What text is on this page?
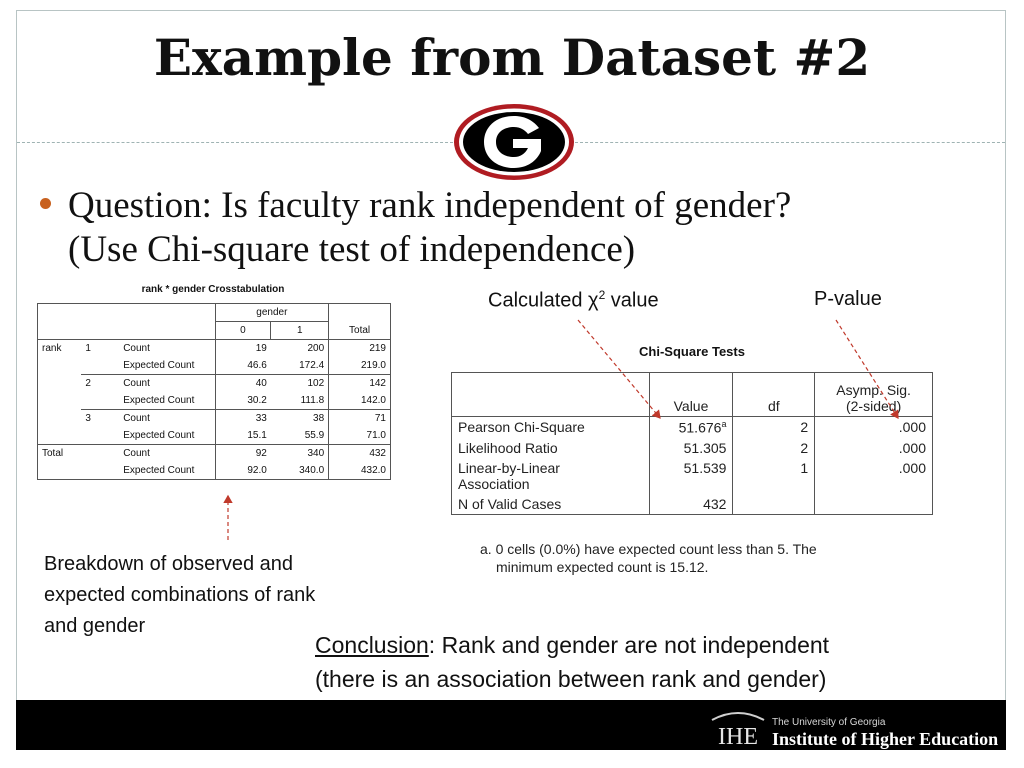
Example from Dataset #2
Question: Is faculty rank independent of gender?
(Use Chi-square test of independence)
rank * gender Crosstabulation
			gender		
			0	1	Total
rank	1	Count	19	200	219
		Expected Count	46.6	172.4	219.0
	2	Count	40	102	142
		Expected Count	30.2	111.8	142.0
	3	Count	33	38	71
		Expected Count	15.1	55.9	71.0
Total		Count	92	340	432
		Expected Count	92.0	340.0	432.0
Chi-Square Tests
	Value	df	Asymp. Sig.
(2-sided)

Pearson Chi-Square	51.676$^a$	2	.000
Likelihood Ratio	51.305	2	.000

Linear-by-Linear
Association	51.539	1	.000
N of Valid Cases	432		
a. 0 cells (0.0%) have expected count less than 5. The
minimum expected count is 15.12.
Calculated $\chi^2$ value	P-value
Breakdown of observed and
expected combinations of rank
and gender
Conclusion: Rank and gender are not independent
(there is an association between rank and gender)
IHE
The University of Georgia
Institute of Higher Education
